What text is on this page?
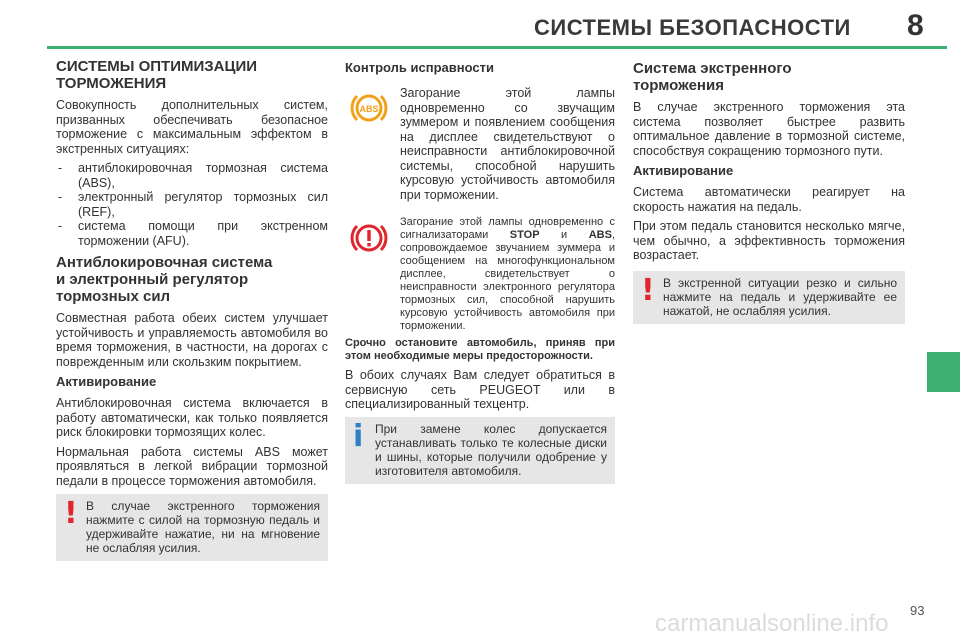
СИСТЕМЫ БЕЗОПАСНОСТИ 8
СИСТЕМЫ ОПТИМИЗАЦИИ
ТОРМОЖЕНИЯ

Совокупность дополнительных систем, призванных обеспечивать безопасное торможение с максимальным эффектом в экстренных ситуациях:

- антиблокировочная тормозная система (ABS),
- электронный регулятор тормозных сил (REF),
- система помощи при экстренном торможении (AFU).
Антиблокировочная система
и электронный регулятор
тормозных сил

Совместная работа обеих систем улучшает устойчивость и управляемость автомобиля во время торможения, в частности, на дорогах с поврежденным или скользким покрытием.

Активирование

Антиблокировочная система включается в работу автоматически, как только появляется риск блокировки тормозящих колес.

Нормальная работа системы ABS может проявляться в легкой вибрации тормозной педали в процессе торможения автомобиля.

! В случае экстренного торможения нажмите с силой на тормозную педаль и удерживайте нажатие, ни на мгновение не ослабляя усилия.
Контроль исправности
ABS

Загорание этой лампы одновременно со звучащим зуммером и появлением сообщения на дисплее свидетельствуют о неисправности антиблокировочной системы, способной нарушить курсовую устойчивость автомобиля при торможении.

Загорание этой лампы одновременно с сигнализаторами STOP и ABS, сопровождаемое звучанием зуммера и сообщением на многофункциональном дисплее, свидетельствует о неисправности электронного регулятора тормозных сил, способной нарушить курсовую устойчивость автомобиля при торможении.

Срочно остановите автомобиль, приняв при этом необходимые меры предосторожности.

В обоих случаях Вам следует обратиться в сервисную сеть PEUGEOT или в специализированный техцентр.

i При замене колес допускается устанавливать только те колесные диски и шины, которые получили одобрение у изготовителя автомобиля.
Система экстренного
торможения

В случае экстренного торможения эта система позволяет быстрее развить оптимальное давление в тормозной системе, способствуя сокращению тормозного пути.

Активирование

Система автоматически реагирует на скорость нажатия на педаль.

При этом педаль становится несколько мягче, чем обычно, а эффективность торможения возрастает.

! В экстренной ситуации резко и сильно нажмите на педаль и удерживайте ее нажатой, не ослабляя усилия.
93
carmanualsonline.info
